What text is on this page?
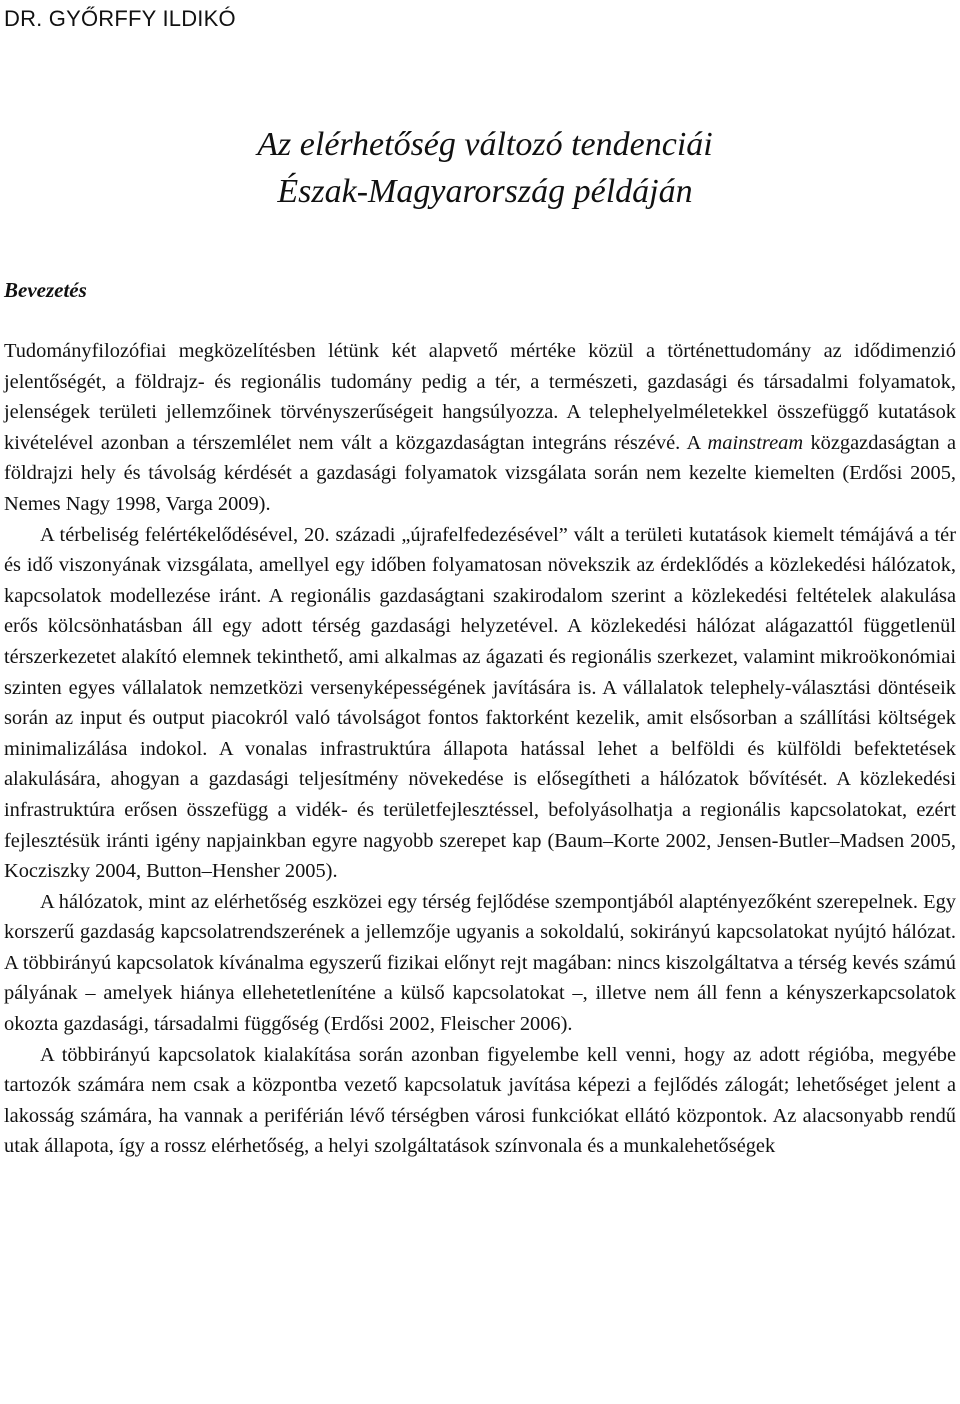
DR. GYŐRFFY ILDIKÓ
Az elérhetőség változó tendenciái
Észak-Magyarország példáján
Bevezetés

Tudományfilozófiai megközelítésben létünk két alapvető mértéke közül a történettudomány az idődimenzió jelentőségét, a földrajz- és regionális tudomány pedig a tér, a természeti, gazdasági és társadalmi folyamatok, jelenségek területi jellemzőinek törvényszerűségeit hangsúlyozza. A telephelyelméletekkel összefüggő kutatások kivételével azonban a térszemlélet nem vált a közgazdaságtan integráns részévé. A mainstream közgazdaságtan a földrajzi hely és távolság kérdését a gazdasági folyamatok vizsgálata során nem kezelte kiemelten (Erdősi 2005, Nemes Nagy 1998, Varga 2009).

A térbeliség felértékelődésével, 20. századi „újrafelfedezésével” vált a területi kutatások kiemelt témájává a tér és idő viszonyának vizsgálata, amellyel egy időben folyamatosan növekszik az érdeklődés a közlekedési hálózatok, kapcsolatok modellezése iránt. A regionális gazdaságtani szakirodalom szerint a közlekedési feltételek alakulása erős kölcsönhatásban áll egy adott térség gazdasági helyzetével. A közlekedési hálózat alágazattól függetlenül térszerkezetet alakító elemnek tekinthető, ami alkalmas az ágazati és regionális szerkezet, valamint mikroökonómiai szinten egyes vállalatok nemzetközi versenyképességének javítására is. A vállalatok telephely-választási döntéseik során az input és output piacokról való távolságot fontos faktorként kezelik, amit elsősorban a szállítási költségek minimalizálása indokol. A vonalas infrastruktúra állapota hatással lehet a belföldi és külföldi befektetések alakulására, ahogyan a gazdasági teljesítmény növekedése is elősegítheti a hálózatok bővítését. A közlekedési infrastruktúra erősen összefügg a vidék- és területfejlesztéssel, befolyásolhatja a regionális kapcsolatokat, ezért fejlesztésük iránti igény napjainkban egyre nagyobb szerepet kap (Baum–Korte 2002, Jensen-Butler–Madsen 2005, Kocziszky 2004, Button–Hensher 2005).

A hálózatok, mint az elérhetőség eszközei egy térség fejlődése szempontjából alaptényezőként szerepelnek. Egy korszerű gazdaság kapcsolatrendszerének a jellemzője ugyanis a sokoldalú, sokirányú kapcsolatokat nyújtó hálózat. A többirányú kapcsolatok kívánalma egyszerű fizikai előnyt rejt magában: nincs kiszolgáltatva a térség kevés számú pályának – amelyek hiánya ellehetetleníténe a külső kapcsolatokat –, illetve nem áll fenn a kényszerkapcsolatok okozta gazdasági, társadalmi függőség (Erdősi 2002, Fleischer 2006).

A többirányú kapcsolatok kialakítása során azonban figyelembe kell venni, hogy az adott régióba, megyébe tartozók számára nem csak a központba vezető kapcsolatuk javítása képezi a fejlődés zálogát; lehetőséget jelent a lakosság számára, ha vannak a periférián lévő térségben városi funkciókat ellátó központok. Az alacsonyabb rendű utak állapota, így a rossz elérhetőség, a helyi szolgáltatások színvonala és a munkalehetőségek
